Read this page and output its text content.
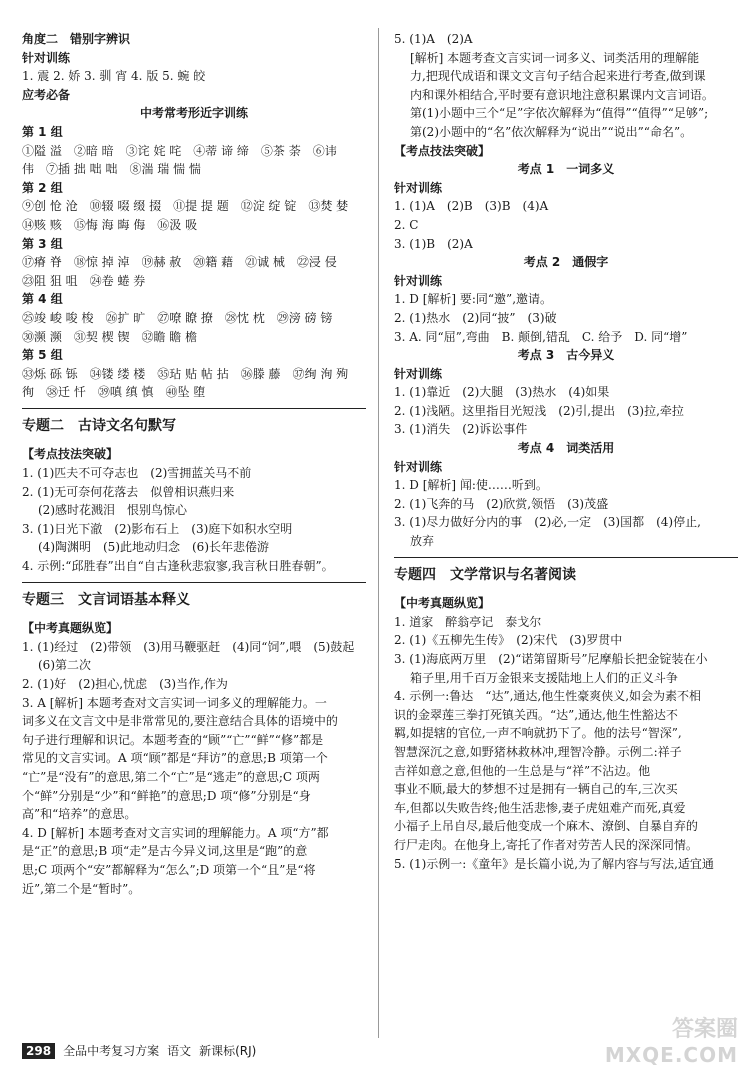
角度二　错别字辨识
针对训练
1. 震 2. 娇 3. 驯 宵 4. 版 5. 蜿 皎
应考必备
中考常考形近字训练
第 1 组
①隘 溢　②暗 暗　③诧 姹 咤　④蒂 谛 缔　⑤茶 荼　⑥讳
伟　⑦插 拙 咄 咄　⑧湍 瑞 惴 惴
第 2 组
⑨创 怆 沧　⑩辍 啜 缀 掇　⑪提 提 题　⑫淀 绽 锭　⑬焚 婪
⑭赅 赅　⑮悔 海 晦 侮　⑯汲 吸
第 3 组
⑰瘠 脊　⑱惊 掉 淖　⑲赫 赦　⑳籍 藉　㉑诚 械　㉒浸 侵
㉓阻 狙 咀　㉔卷 蜷 券
第 4 组
㉕竣 峻 唆 梭　㉖扩 旷　㉗嘹 瞭 撩　㉘忱 枕　㉙滂 磅 镑
㉚濒 濒　㉛契 楔 锲　㉜瞻 瞻 檐
第 5 组
㉝烁 砾 铄　㉞镂 缕 楼　㉟玷 贴 帖 拈　㊱滕 藤　㊲绚 洵 殉
徇　㊳迁 忏　㊴嗔 缜 慎　㊵坠 堕
专题二　古诗文名句默写
【考点技法突破】
1. (1)匹夫不可夺志也　(2)雪拥蓝关马不前
2. (1)无可奈何花落去　似曾相识燕归来
(2)感时花溅泪　恨别鸟惊心
3. (1)日光下澈　(2)影布石上　(3)庭下如积水空明
(4)陶渊明　(5)此地动归念　(6)长年悲倦游
4. 示例:“邱胜春”出自“自古逢秋悲寂寥,我言秋日胜春朝”。
专题三　文言词语基本释义
【中考真题纵览】
1. (1)经过　(2)带领　(3)用马鞭驱赶　(4)同“饲”,喂　(5)鼓起
(6)第二次
2. (1)好　(2)担心,忧虑　(3)当作,作为
3. A [解析] 本题考查对文言实词一词多义的理解能力。一
词多义在文言文中是非常常见的,要注意结合具体的语境中的
句子进行理解和识记。本题考查的“顾”“亡”“鲜”“修”都是
常见的文言实词。A 项“顾”都是“拜访”的意思;B 项第一个
“亡”是“没有”的意思,第二个“亡”是“逃走”的意思;C 项两
个“鲜”分别是“少”和“鲜艳”的意思;D 项“修”分别是“身
高”和“培养”的意思。
4. D [解析] 本题考查对文言实词的理解能力。A 项“方”都
是“正”的意思;B 项“走”是古今异义词,这里是“跑”的意
思;C 项两个“安”都解释为“怎么”;D 项第一个“且”是“将
近”,第二个是“暂时”。
5. (1)A　(2)A
[解析] 本题考查文言实词一词多义、词类活用的理解能
力,把现代成语和课文文言句子结合起来进行考查,做到课
内和课外相结合,平时要有意识地注意积累课内文言词语。
第(1)小题中三个“足”字依次解释为“值得”“值得”“足够”;
第(2)小题中的“名”依次解释为“说出”“说出”“命名”。
【考点技法突破】
考点 1　一词多义
针对训练
1. (1)A　(2)B　(3)B　(4)A
2. C
3. (1)B　(2)A
考点 2　通假字
针对训练
1. D [解析] 要:同“邀”,邀请。
2. (1)热水　(2)同“披”　(3)破
3. A. 同“屈”,弯曲　B. 颠倒,错乱　C. 给予　D. 同“增”
考点 3　古今异义
针对训练
1. (1)靠近　(2)大腿　(3)热水　(4)如果
2. (1)浅陋。这里指目光短浅　(2)引,提出　(3)拉,牵拉
3. (1)消失　(2)诉讼事件
考点 4　词类活用
针对训练
1. D [解析] 闻:使……听到。
2. (1)飞奔的马　(2)欣赏,领悟　(3)茂盛
3. (1)尽力做好分内的事　(2)必,一定　(3)国都　(4)停止,
放弃
专题四　文学常识与名著阅读
【中考真题纵览】
1. 道家　醉翁亭记　泰戈尔
2. (1)《五柳先生传》　(2)宋代　(3)罗贯中
3. (1)海底两万里　(2)“诺第留斯号”尼摩船长把金锭装在小
箱子里,用千百万金银来支援陆地上人们的正义斗争
4. 示例一:鲁达　“达”,通达,他生性豪爽侠义,如会为素不相
识的金翠莲三拳打死镇关西。“达”,通达,他生性豁达不
羁,如提辖的官位,一声不响就扔下了。他的法号“智深”,
智慧深沉之意,如野猪林救林冲,理智冷静。示例二:祥子
吉祥如意之意,但他的一生总是与“祥”不沾边。他
事业不顺,最大的梦想不过是拥有一辆自己的车,三次买
车,但都以失败告终;他生活悲惨,妻子虎妞难产而死,真爱
小福子上吊自尽,最后他变成一个麻木、潦倒、自暴自弃的
行尸走肉。在他身上,寄托了作者对劳苦人民的深深同情。
5. (1)示例一:《童年》是长篇小说,为了解内容与写法,适宜通
298	全品中考复习方案 语文 新课标(RJ)
答案圈
MXQE.COM
